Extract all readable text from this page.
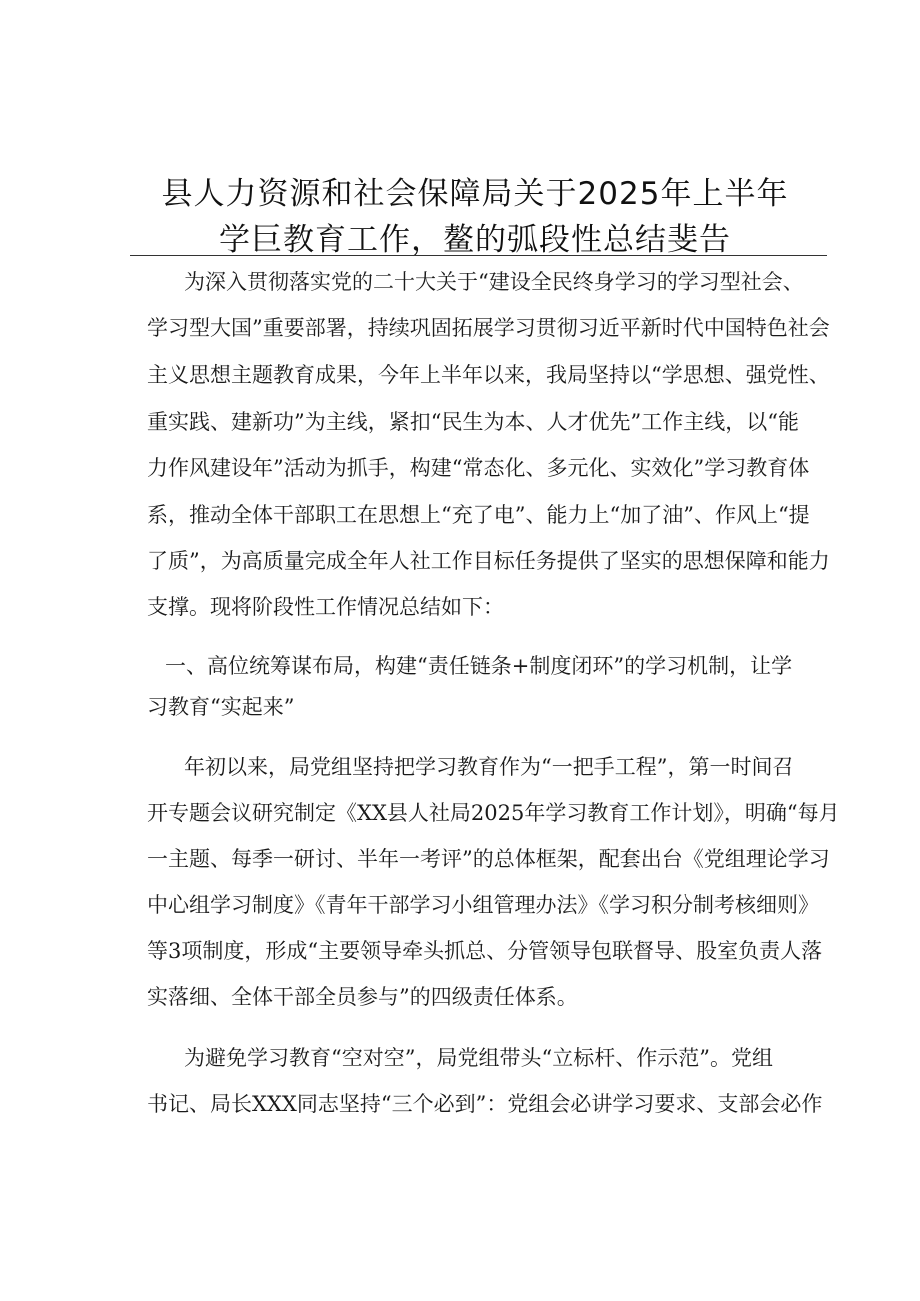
县人力资源和社会保障局关于2025年上半年
学巨教育工作，鳌的弧段性总结斐告
为深入贯彻落实党的二十大关于“建设全民终身学习的学习型社会、
学习型大国”重要部署，持续巩固拓展学习贯彻习近平新时代中国特色社会
主义思想主题教育成果，今年上半年以来，我局坚持以“学思想、强党性、
重实践、建新功”为主线，紧扣“民生为本、人才优先”工作主线，以“能
力作风建设年”活动为抓手，构建“常态化、多元化、实效化”学习教育体
系，推动全体干部职工在思想上“充了电”、能力上“加了油”、作风上“提
了质”，为高质量完成全年人社工作目标任务提供了坚实的思想保障和能力
支撑。现将阶段性工作情况总结如下：
一、高位统筹谋布局，构建“责任链条+制度闭环”的学习机制，让学
习教育“实起来”
年初以来，局党组坚持把学习教育作为“一把手工程”，第一时间召
开专题会议研究制定《XX县人社局2025年学习教育工作计划》，明确“每月
一主题、每季一研讨、半年一考评”的总体框架，配套出台《党组理论学习
中心组学习制度》《青年干部学习小组管理办法》《学习积分制考核细则》
等3项制度，形成“主要领导牵头抓总、分管领导包联督导、股室负责人落
实落细、全体干部全员参与”的四级责任体系。
为避免学习教育“空对空”，局党组带头“立标杆、作示范”。党组
书记、局长XXX同志坚持“三个必到”：党组会必讲学习要求、支部会必作
